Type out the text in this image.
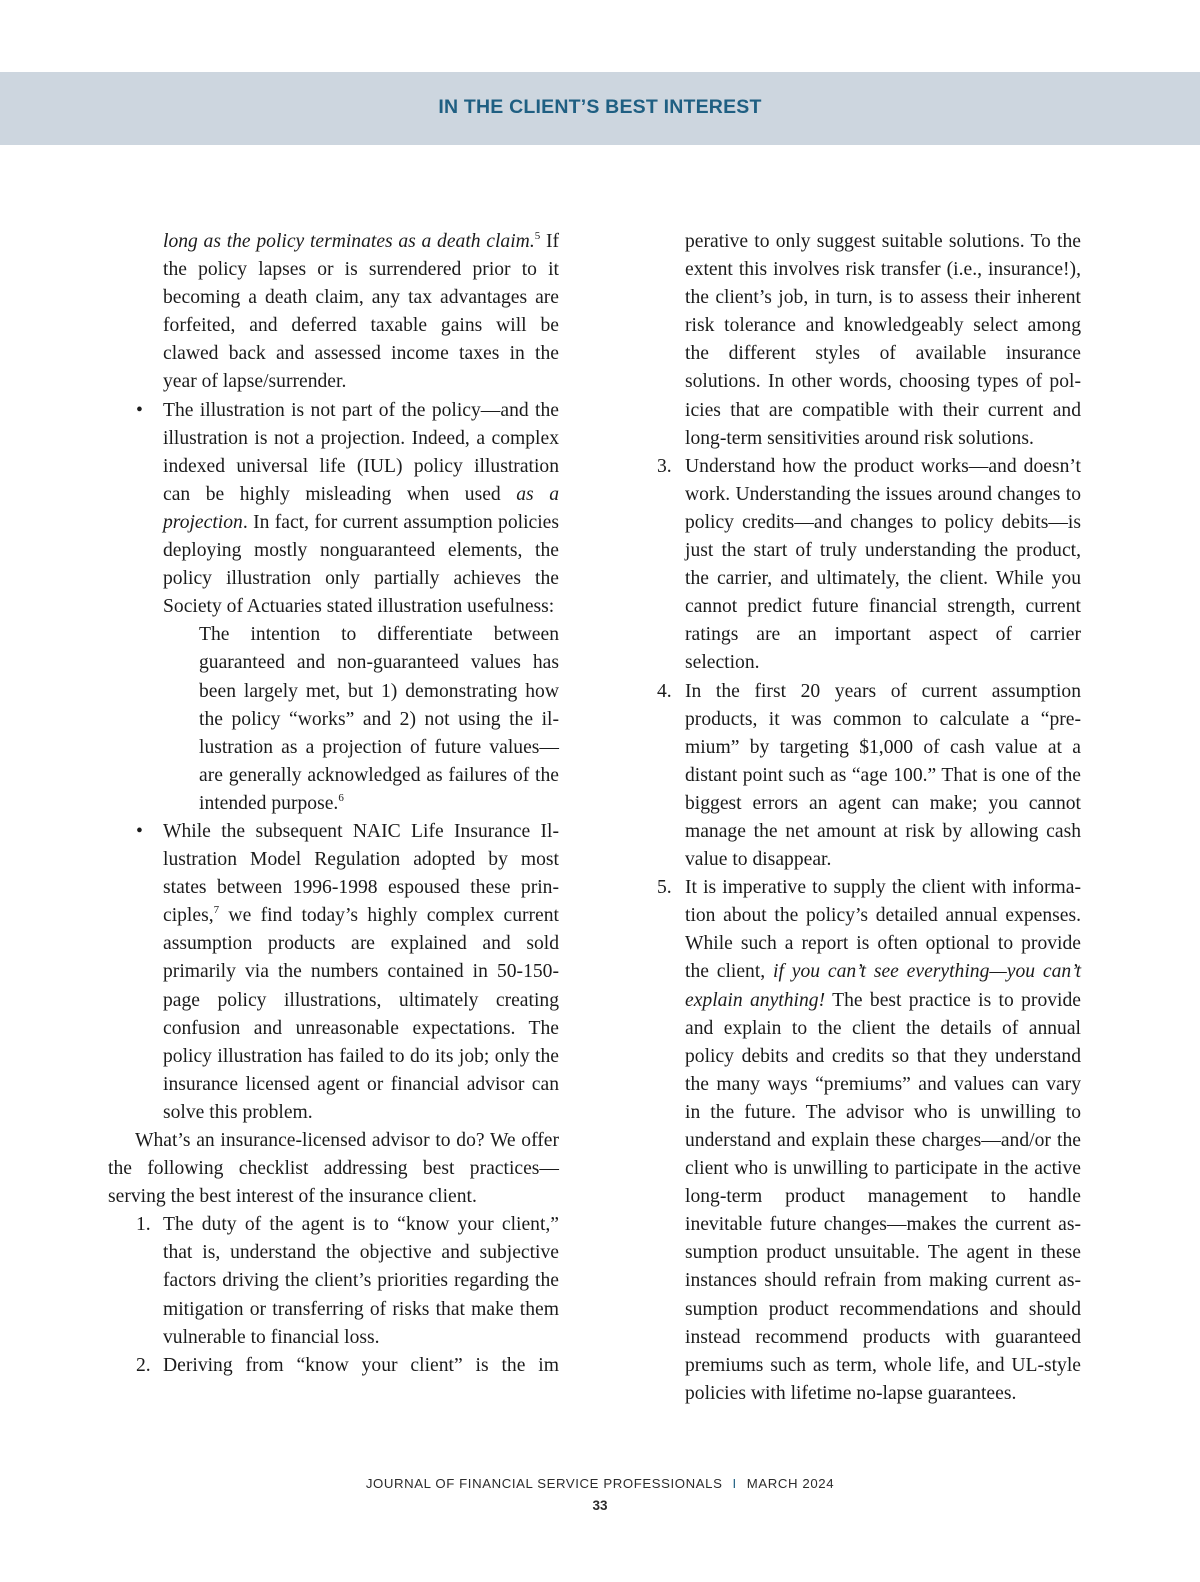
IN THE CLIENT’S BEST INTEREST

long as the policy terminates as a death claim.$^5$ If the policy lapses or is surrendered prior to it becoming a death claim, any tax advantages are forfeited, and deferred taxable gains will be clawed back and assessed income taxes in the year of lapse/surrender.

• The illustration is not part of the policy—and the illustration is not a projection. Indeed, a complex indexed universal life (IUL) policy illustration can be highly misleading when used as a projection. In fact, for current assumption policies deploying mostly nonguaranteed elements, the policy illustration only partially achieves the Society of Actuaries stated illustration usefulness:

The intention to differentiate between guaranteed and non-guaranteed values has been largely met, but 1) demonstrating how the policy “works” and 2) not using the illustration as a projection of future values—are generally acknowledged as failures of the intended purpose.$^6$

• While the subsequent NAIC Life Insurance Illustration Model Regulation adopted by most states between 1996-1998 espoused these principles,$^7$ we find today’s highly complex current assumption products are explained and sold primarily via the numbers contained in 50-150-page policy illustrations, ultimately creating confusion and unreasonable expectations. The policy illustration has failed to do its job; only the insurance licensed agent or financial advisor can solve this problem.

What’s an insurance-licensed advisor to do? We offer the following checklist addressing best practices—serving the best interest of the insurance client.

1. The duty of the agent is to “know your client,” that is, understand the objective and subjective factors driving the client’s priorities regarding the mitigation or transferring of risks that make them vulnerable to financial loss.

2. Deriving from “know your client” is the im

perative to only suggest suitable solutions. To the extent this involves risk transfer (i.e., insurance!), the client’s job, in turn, is to assess their inherent risk tolerance and knowledgeably select among the different styles of available insurance solutions. In other words, choosing types of policies that are compatible with their current and long-term sensitivities around risk solutions.

3. Understand how the product works—and doesn’t work. Understanding the issues around changes to policy credits—and changes to policy debits—is just the start of truly understanding the product, the carrier, and ultimately, the client. While you cannot predict future financial strength, current ratings are an important aspect of carrier selection.

4. In the first 20 years of current assumption products, it was common to calculate a “premium” by targeting $1,000 of cash value at a distant point such as “age 100.” That is one of the biggest errors an agent can make; you cannot manage the net amount at risk by allowing cash value to disappear.

5. It is imperative to supply the client with information about the policy’s detailed annual expenses. While such a report is often optional to provide the client, if you can’t see everything—you can’t explain anything! The best practice is to provide and explain to the client the details of annual policy debits and credits so that they understand the many ways “premiums” and values can vary in the future. The advisor who is unwilling to understand and explain these charges—and/or the client who is unwilling to participate in the active long-term product management to handle inevitable future changes—makes the current assumption product unsuitable. The agent in these instances should refrain from making current assumption product recommendations and should instead recommend products with guaranteed premiums such as term, whole life, and UL-style policies with lifetime no-lapse guarantees.

JOURNAL OF FINANCIAL SERVICE PROFESSIONALS I MARCH 2024
33
